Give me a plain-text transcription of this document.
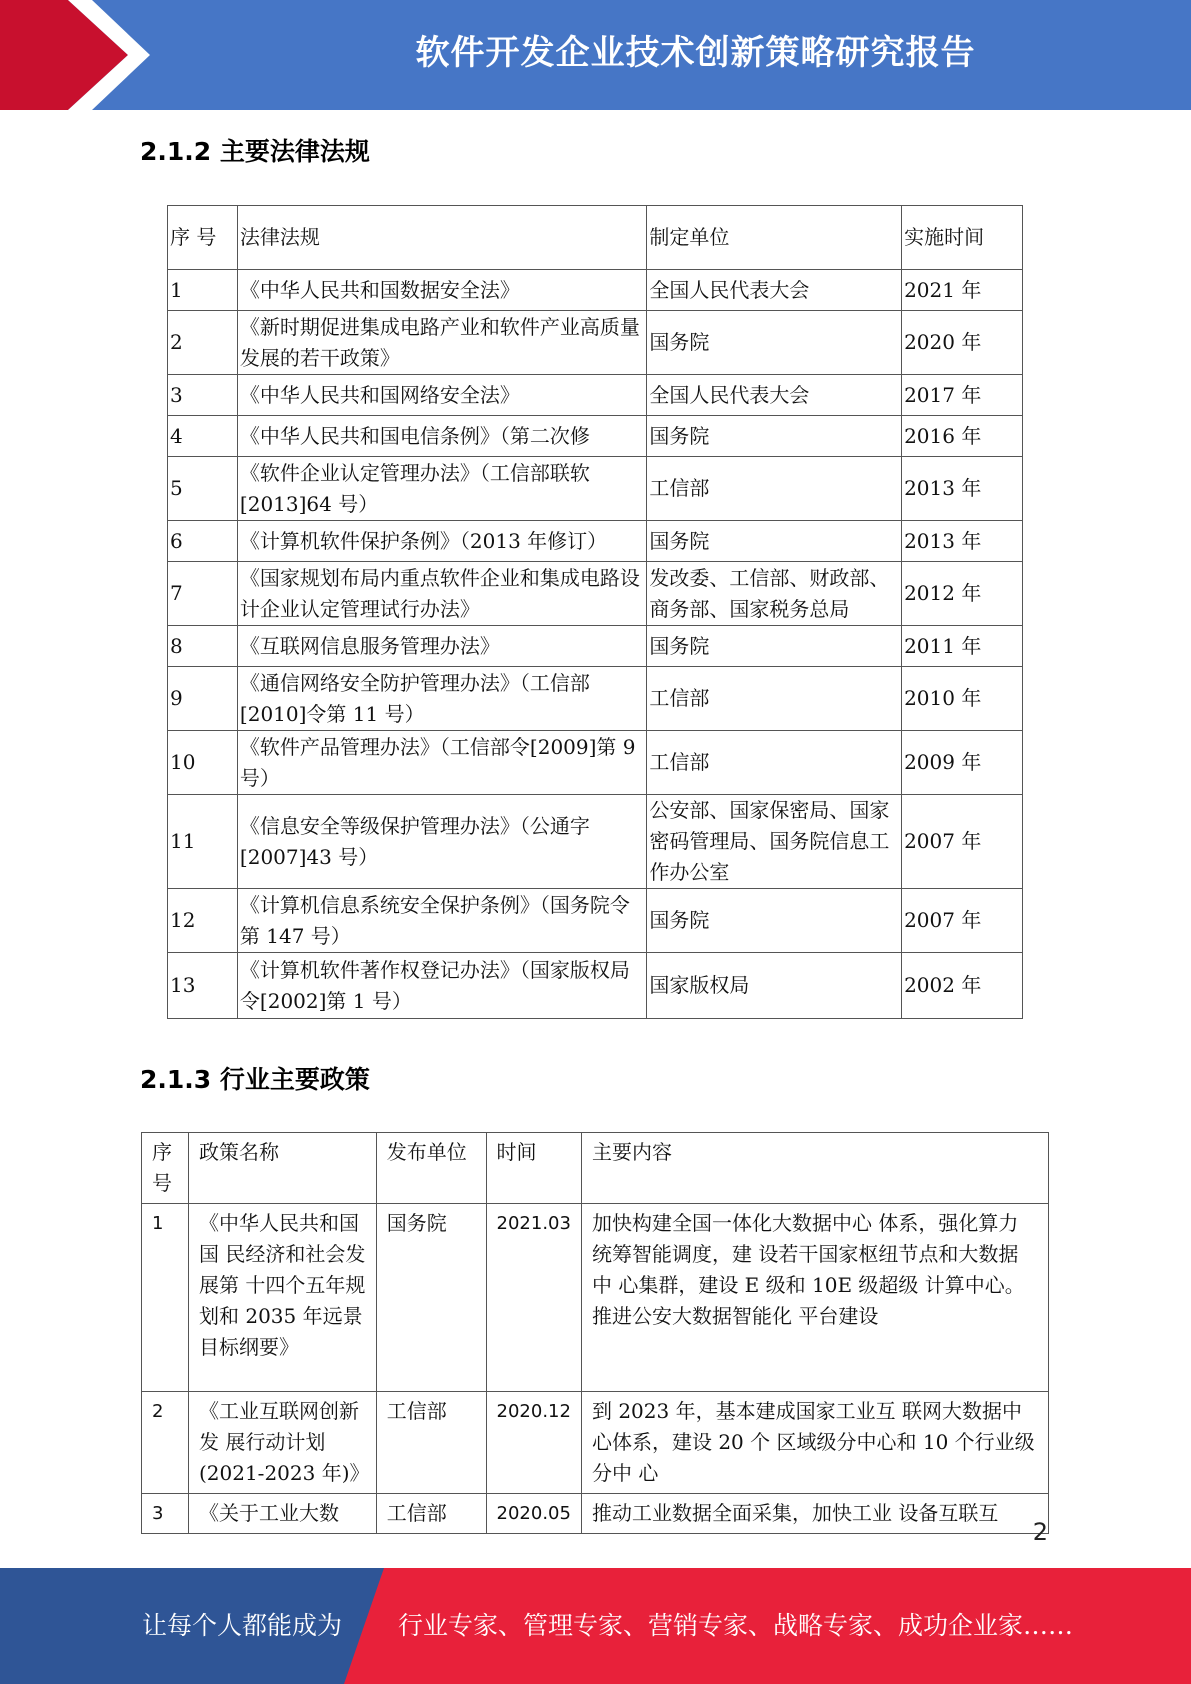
软件开发企业技术创新策略研究报告
2.1.2 主要法律法规
序 号	法律法规	制定单位	实施时间
1	《中华人民共和国数据安全法》	全国人民代表大会	2021 年
2	《新时期促进集成电路产业和软件产业高质量发展的若干政策》	国务院	2020 年
3	《中华人民共和国网络安全法》	全国人民代表大会	2017 年
4	《中华人民共和国电信条例》（第二次修	国务院	2016 年
5	《软件企业认定管理办法》（工信部联软[2013]64 号）	工信部	2013 年
6	《计算机软件保护条例》（2013 年修订）	国务院	2013 年
7	《国家规划布局内重点软件企业和集成电路设计企业认定管理试行办法》	发改委、工信部、财政部、商务部、国家税务总局	2012 年
8	《互联网信息服务管理办法》	国务院	2011 年
9	《通信网络安全防护管理办法》（工信部[2010]令第 11 号）	工信部	2010 年
10	《软件产品管理办法》（工信部令[2009]第 9 号）	工信部	2009 年
11	《信息安全等级保护管理办法》（公通字[2007]43 号）	公安部、国家保密局、国家密码管理局、国务院信息工作办公室	2007 年
12	《计算机信息系统安全保护条例》（国务院令第 147 号）	国务院	2007 年
13	《计算机软件著作权登记办法》（国家版权局令[2002]第 1 号）	国家版权局	2002 年
2.1.3 行业主要政策
序号	政策名称	发布单位	时间	主要内容
1	《中华人民共和国国 民经济和社会发展第 十四个五年规划和 2035 年远景目标纲要》	国务院	2021.03	加快构建全国一体化大数据中心 体系，强化算力统筹智能调度，建 设若干国家枢纽节点和大数据中 心集群，建设 E 级和 10E 级超级 计算中心。推进公安大数据智能化 平台建设
2	《工业互联网创新发 展行动计划(2021-2023 年)》	工信部	2020.12	到 2023 年，基本建成国家工业互 联网大数据中心体系，建设 20 个 区域级分中心和 10 个行业级分中 心
3	《关于工业大数	工信部	2020.05	推动工业数据全面采集，加快工业 设备互联互
2
让每个人都能成为 行业专家、管理专家、营销专家、战略专家、成功企业家……
